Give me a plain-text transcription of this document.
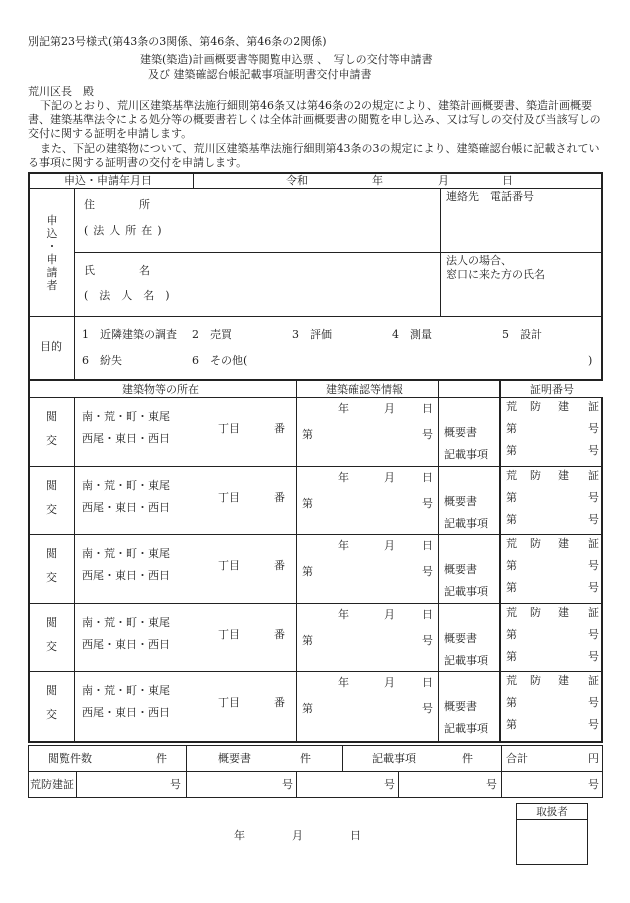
別記第23号様式(第43条の3関係、第46条、第46条の2関係)
建築(築造)計画概要書等閲覧申込票 、　写しの交付等申請書
及び 建築確認台帳記載事項証明書交付申請書
荒川区長　殿
下記のとおり、荒川区建築基準法施行細則第46条又は第46条の2の規定により、建築計画概要書、築造計画概要書、建築基準法令による処分等の概要書若しくは全体計画概要書の閲覧を申し込み、又は写しの交付及び当該写しの交付に関する証明を申請します。
また、下記の建築物について、荒川区建築基準法施行細則第43条の3の規定により、建築確認台帳に記載されている事項に関する証明書の交付を申請します。
申込・申請年月日	令和	年	月	日
申
込
・
申
請
者
住　　　　所
(法人所在)
連絡先　電話番号
氏　　　　名
(　法　人　名　)
法人の場合、
窓口に来た方の氏名
目的
1　近隣建築の調査 2　売買	3　評価	4　測量	5　設計
6　紛失	6　その他(	)
建築物等の所在	建築確認等情報	証明番号
閲
交
南・荒・町・東尾
西尾・東日・西日
丁目	番
年	月 日
第	号 概要書
記載事項
荒 防 建 証
第	号
第	号
閲
交
南・荒・町・東尾
西尾・東日・西日
丁目	番
年	月 日
第	号 概要書
記載事項
荒 防 建 証
第	号
第	号
閲
交
南・荒・町・東尾
西尾・東日・西日
丁目	番
年	月 日
第	号 概要書
記載事項
荒 防 建 証
第	号
第	号
閲
交
南・荒・町・東尾
西尾・東日・西日
丁目	番
年	月 日
第	号 概要書
記載事項
荒 防 建 証
第	号
第	号
閲
交
南・荒・町・東尾
西尾・東日・西日
丁目	番
年	月 日
第	号 概要書
記載事項
荒 防 建 証
第	号
第	号
閲覧件数	件	概要書	件	記載事項	件	合計	円
荒防建証	号	号	号	号	号
取扱者
年	月	日
